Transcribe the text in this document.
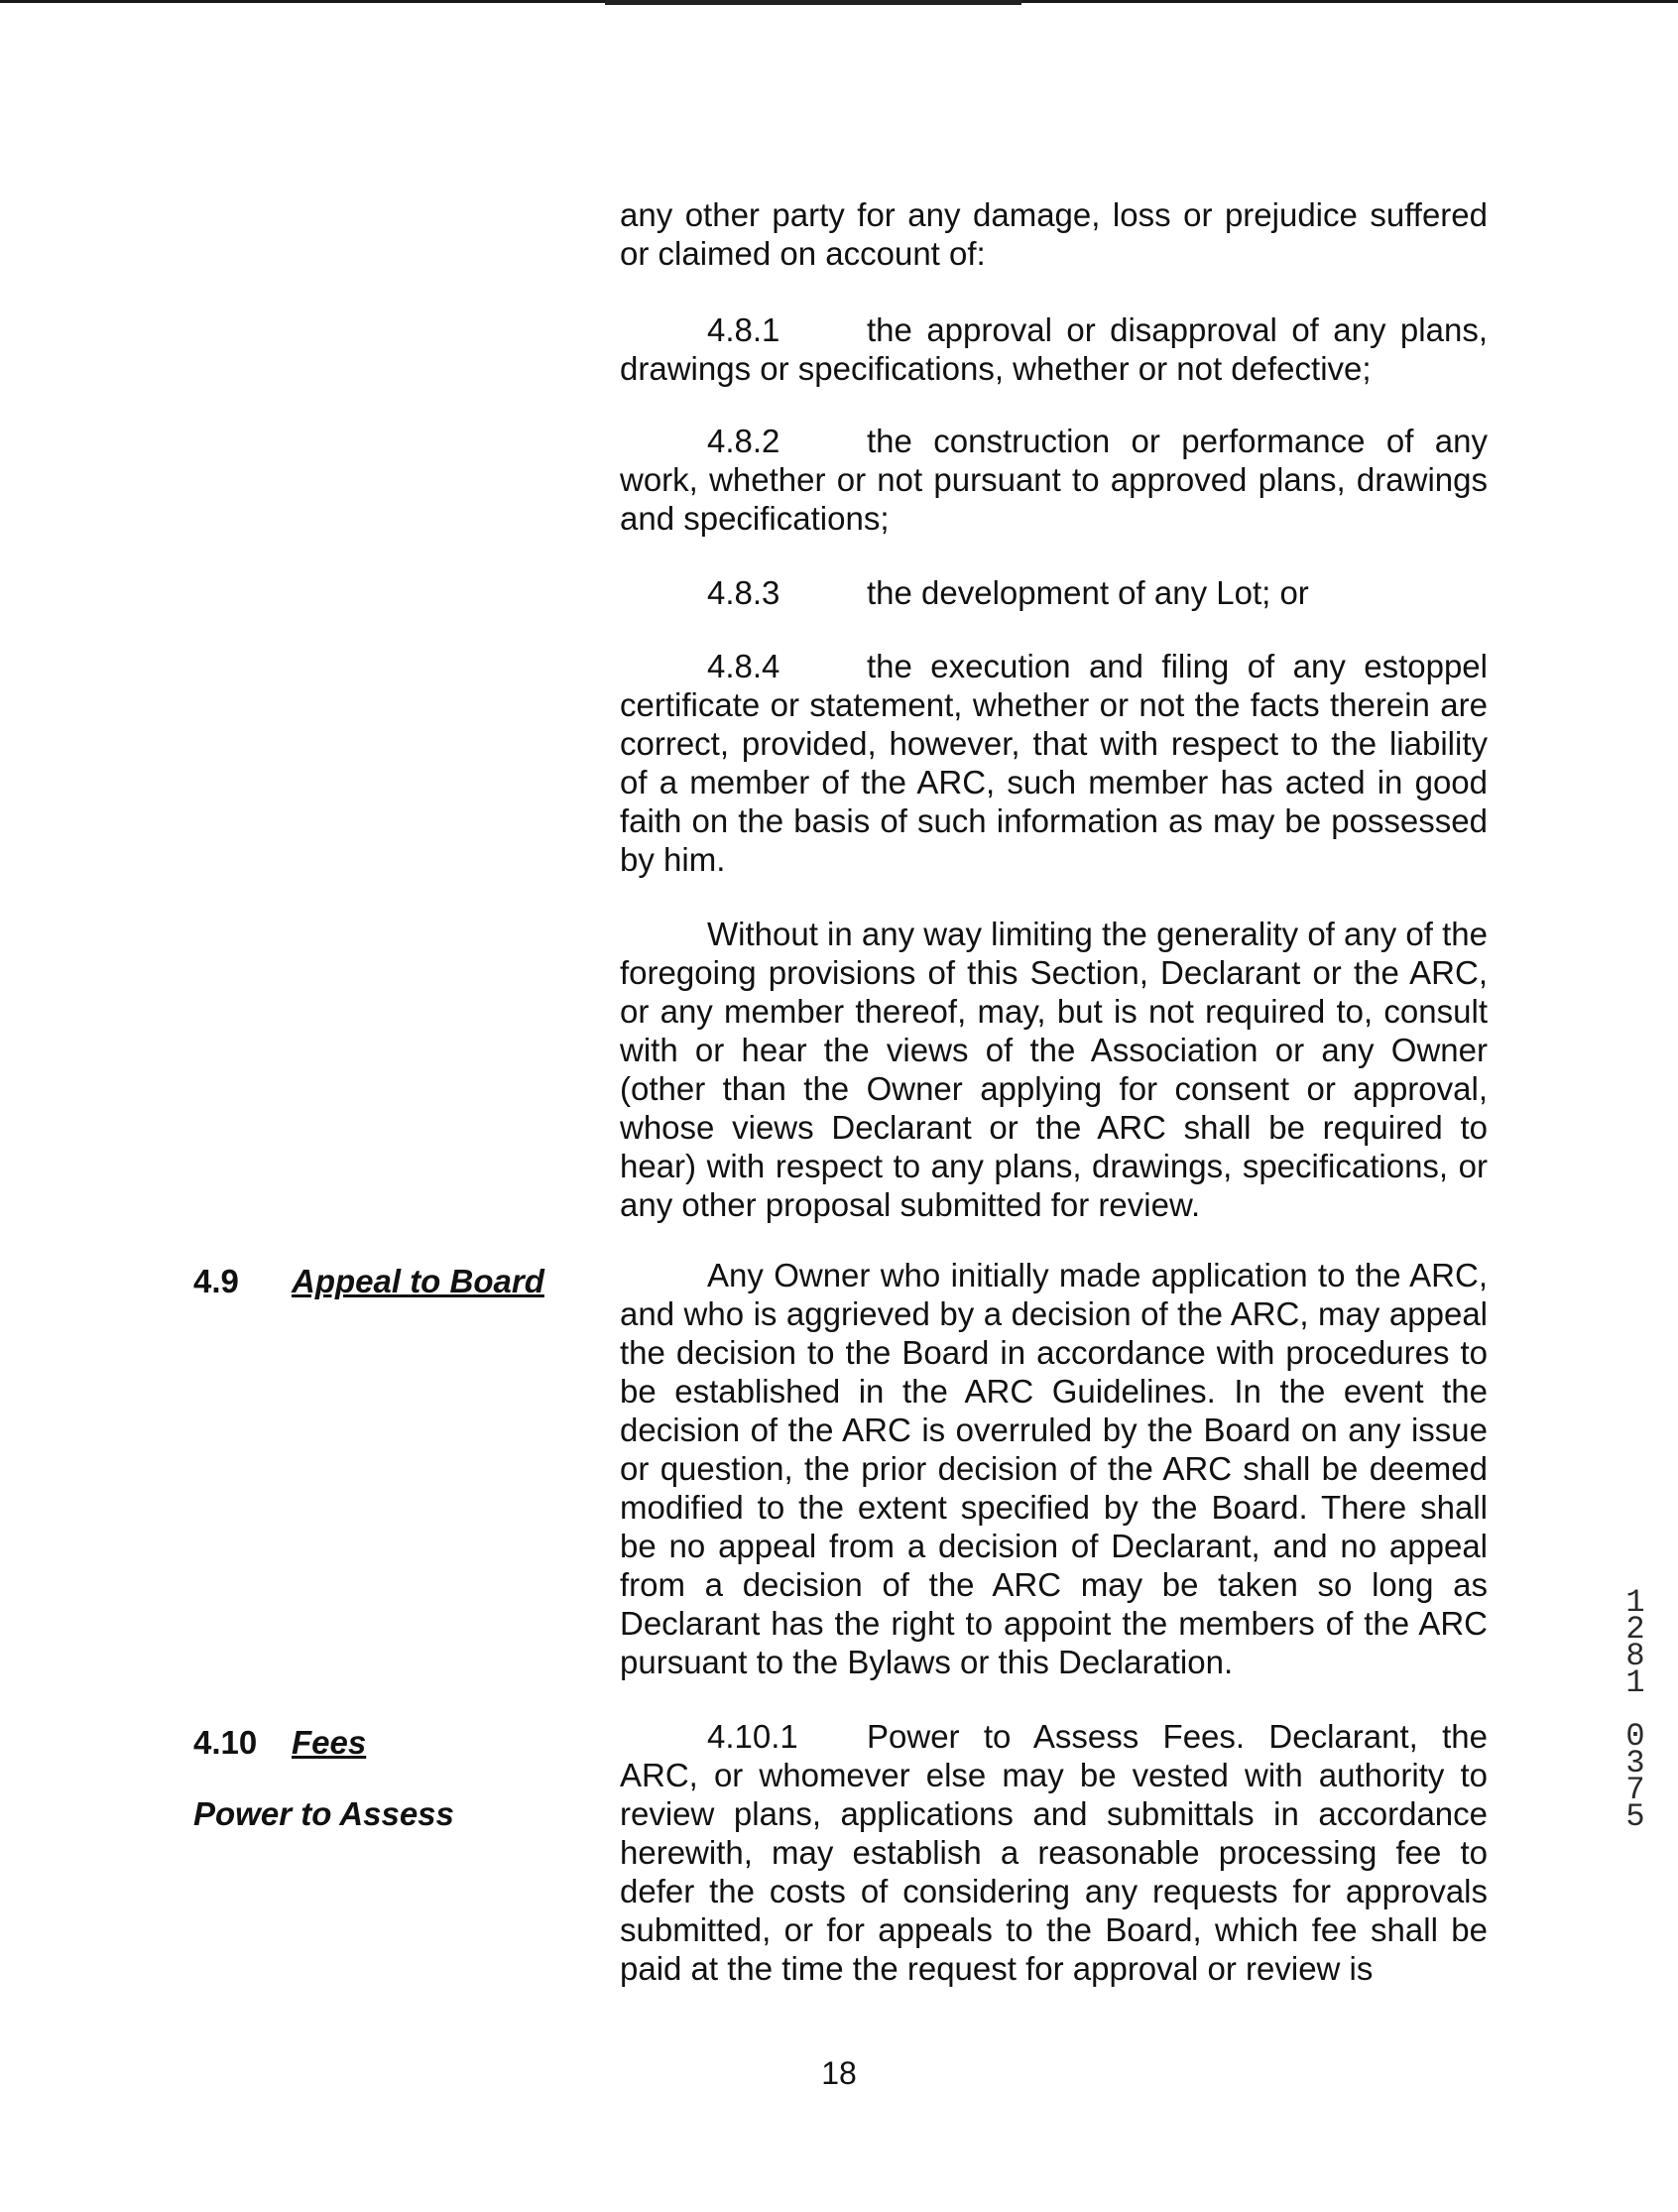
any other party for any damage, loss or prejudice suffered or claimed on account of:

4.8.1	the approval or disapproval of any plans, drawings or specifications, whether or not defective;

4.8.2	the construction or performance of any work, whether or not pursuant to approved plans, drawings and specifications;

4.8.3	the development of any Lot; or

4.8.4	the execution and filing of any estoppel certificate or statement, whether or not the facts therein are correct, provided, however, that with respect to the liability of a member of the ARC, such member has acted in good faith on the basis of such information as may be possessed by him.

Without in any way limiting the generality of any of the foregoing provisions of this Section, Declarant or the ARC, or any member thereof, may, but is not required to, consult with or hear the views of the Association or any Owner (other than the Owner applying for consent or approval, whose views Declarant or the ARC shall be required to hear) with respect to any plans, drawings, specifications, or any other proposal submitted for review.

4.9 Appeal to Board	Any Owner who initially made application to the ARC, and who is aggrieved by a decision of the ARC, may appeal the decision to the Board in accordance with procedures to be established in the ARC Guidelines. In the event the decision of the ARC is overruled by the Board on any issue or question, the prior decision of the ARC shall be deemed modified to the extent specified by the Board. There shall be no appeal from a decision of Declarant, and no appeal from a decision of the ARC may be taken so long as Declarant has the right to appoint the members of the ARC pursuant to the Bylaws or this Declaration.

4.10 Fees
Power to Assess

4.10.1 Power to Assess Fees. Declarant, the ARC, or whomever else may be vested with authority to review plans, applications and submittals in accordance herewith, may establish a reasonable processing fee to defer the costs of considering any requests for approvals submitted, or for appeals to the Board, which fee shall be paid at the time the request for approval or review is

18
1
2
8
1

0
3
7
5
